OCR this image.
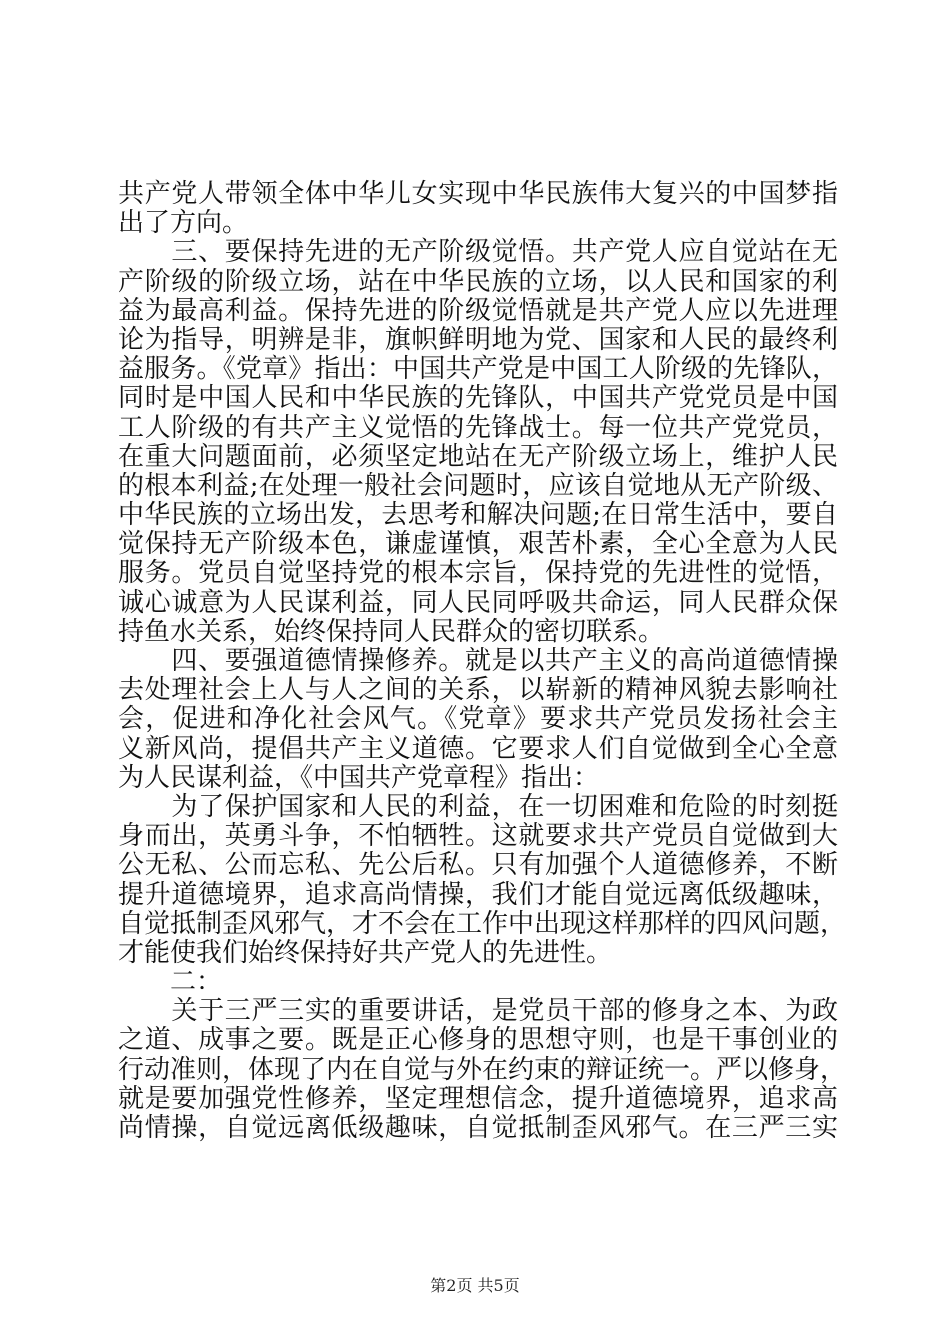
共产党人带领全体中华儿女实现中华民族伟大复兴的中国梦指
出了方向。
　　三、要保持先进的无产阶级觉悟。共产党人应自觉站在无
产阶级的阶级立场，站在中华民族的立场，以人民和国家的利
益为最高利益。保持先进的阶级觉悟就是共产党人应以先进理
论为指导，明辨是非，旗帜鲜明地为党、国家和人民的最终利
益服务。《党章》指出：中国共产党是中国工人阶级的先锋队，
同时是中国人民和中华民族的先锋队，中国共产党党员是中国
工人阶级的有共产主义觉悟的先锋战士。每一位共产党党员，
在重大问题面前，必须坚定地站在无产阶级立场上，维护人民
的根本利益;在处理一般社会问题时，应该自觉地从无产阶级、
中华民族的立场出发，去思考和解决问题;在日常生活中，要自
觉保持无产阶级本色，谦虚谨慎，艰苦朴素，全心全意为人民
服务。党员自觉坚持党的根本宗旨，保持党的先进性的觉悟，
诚心诚意为人民谋利益，同人民同呼吸共命运，同人民群众保
持鱼水关系，始终保持同人民群众的密切联系。
　　四、要强道德情操修养。就是以共产主义的高尚道德情操
去处理社会上人与人之间的关系，以崭新的精神风貌去影响社
会，促进和净化社会风气。《党章》要求共产党员发扬社会主
义新风尚，提倡共产主义道德。它要求人们自觉做到全心全意
为人民谋利益，《中国共产党章程》指出：
　　为了保护国家和人民的利益，在一切困难和危险的时刻挺
身而出，英勇斗争，不怕牺牲。这就要求共产党员自觉做到大
公无私、公而忘私、先公后私。只有加强个人道德修养，不断
提升道德境界，追求高尚情操，我们才能自觉远离低级趣味，
自觉抵制歪风邪气，才不会在工作中出现这样那样的四风问题，
才能使我们始终保持好共产党人的先进性。
　　二：
　　关于三严三实的重要讲话，是党员干部的修身之本、为政
之道、成事之要。既是正心修身的思想守则，也是干事创业的
行动准则，体现了内在自觉与外在约束的辩证统一。严以修身，
就是要加强党性修养，坚定理想信念，提升道德境界，追求高
尚情操，自觉远离低级趣味，自觉抵制歪风邪气。在三严三实
第2页 共5页
